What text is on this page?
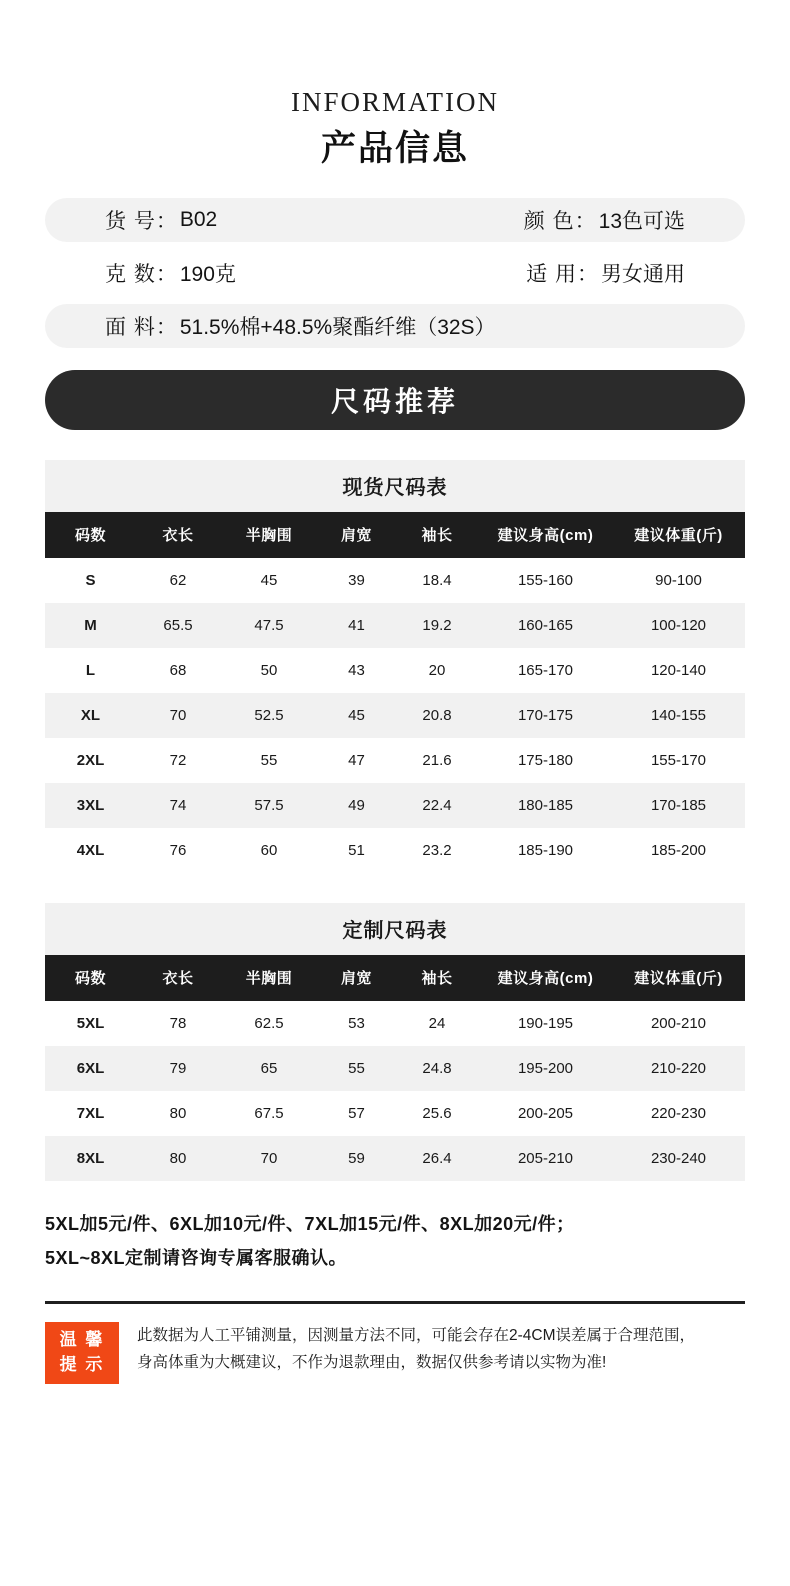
INFORMATION
产品信息
货 号： B02	颜 色： 13色可选
克 数： 190克	适 用： 男女通用
面 料： 51.5%棉+48.5%聚酯纤维（32S）
尺码推荐
现货尺码表
码数	衣长	半胸围	肩宽	袖长	建议身高(cm)	建议体重(斤)
S	62	45	39	18.4	155-160	90-100
M	65.5	47.5	41	19.2	160-165	100-120
L	68	50	43	20	165-170	120-140
XL	70	52.5	45	20.8	170-175	140-155
2XL	72	55	47	21.6	175-180	155-170
3XL	74	57.5	49	22.4	180-185	170-185
4XL	76	60	51	23.2	185-190	185-200
定制尺码表
码数	衣长	半胸围	肩宽	袖长	建议身高(cm)	建议体重(斤)
5XL	78	62.5	53	24	190-195	200-210
6XL	79	65	55	24.8	195-200	210-220
7XL	80	67.5	57	25.6	200-205	220-230
8XL	80	70	59	26.4	205-210	230-240
5XL加5元/件、6XL加10元/件、7XL加15元/件、8XL加20元/件；
5XL~8XL定制请咨询专属客服确认。
温 馨
提 示
此数据为人工平铺测量，因测量方法不同，可能会存在2-4CM误差属于合理范围，
身高体重为大概建议，不作为退款理由，数据仅供参考请以实物为准!
